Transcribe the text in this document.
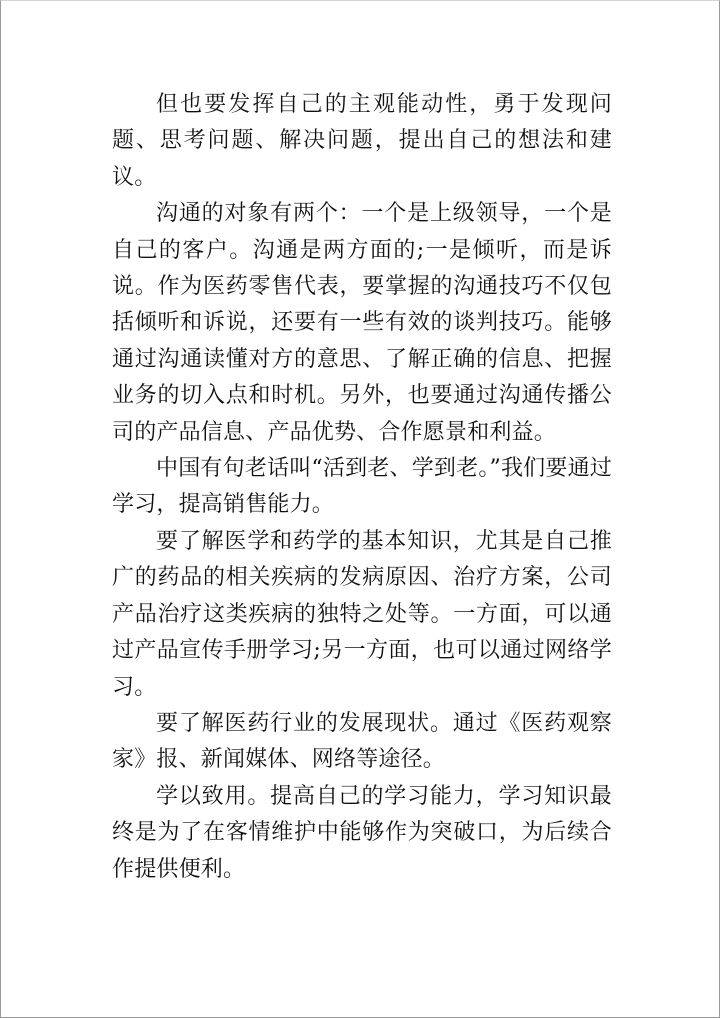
但也要发挥自己的主观能动性，勇于发现问题、思考问题、解决问题，提出自己的想法和建议。

沟通的对象有两个：一个是上级领导，一个是自己的客户。沟通是两方面的;一是倾听，而是诉说。作为医药零售代表，要掌握的沟通技巧不仅包括倾听和诉说，还要有一些有效的谈判技巧。能够通过沟通读懂对方的意思、了解正确的信息、把握业务的切入点和时机。另外，也要通过沟通传播公司的产品信息、产品优势、合作愿景和利益。

中国有句老话叫“活到老、学到老。”我们要通过学习，提高销售能力。

要了解医学和药学的基本知识，尤其是自己推广的药品的相关疾病的发病原因、治疗方案，公司产品治疗这类疾病的独特之处等。一方面，可以通过产品宣传手册学习;另一方面，也可以通过网络学习。

要了解医药行业的发展现状。通过《医药观察家》报、新闻媒体、网络等途径。

学以致用。提高自己的学习能力，学习知识最终是为了在客情维护中能够作为突破口，为后续合作提供便利。
